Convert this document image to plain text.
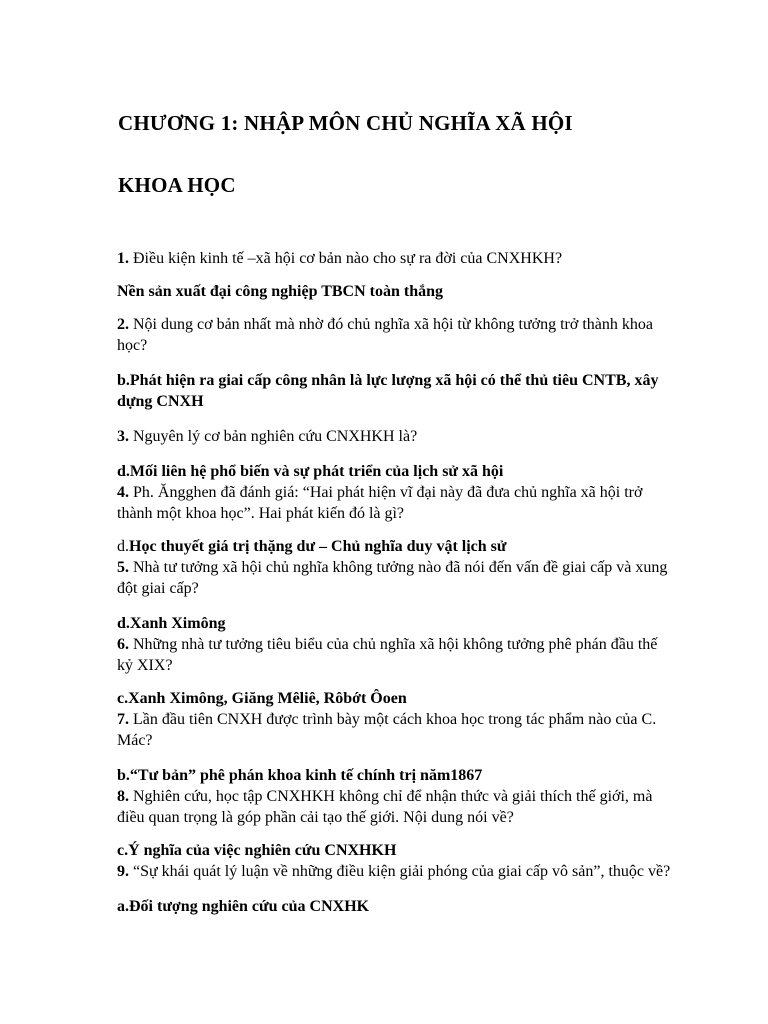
CHƯƠNG 1: NHẬP MÔN CHỦ NGHĨA XÃ HỘI
KHOA HỌC

1. Điều kiện kinh tế –xã hội cơ bản nào cho sự ra đời của CNXHKH?

Nền sản xuất đại công nghiệp TBCN toàn thắng

2. Nội dung cơ bản nhất mà nhờ đó chủ nghĩa xã hội từ không tưởng trở thành khoa học?

b.Phát hiện ra giai cấp công nhân là lực lượng xã hội có thể thủ tiêu CNTB, xây dựng CNXH

3. Nguyên lý cơ bản nghiên cứu CNXHKH là?

d.Mối liên hệ phổ biến và sự phát triển của lịch sử xã hội

4. Ph. Ăngghen đã đánh giá: “Hai phát hiện vĩ đại này đã đưa chủ nghĩa xã hội trở thành một khoa học”. Hai phát kiến đó là gì?

d.Học thuyết giá trị thặng dư – Chủ nghĩa duy vật lịch sử

5. Nhà tư tưởng xã hội chủ nghĩa không tưởng nào đã nói đến vấn đề giai cấp và xung đột giai cấp?

d.Xanh Ximông

6. Những nhà tư tưởng tiêu biểu của chủ nghĩa xã hội không tưởng phê phán đầu thế kỷ XIX?

c.Xanh Ximông, Giăng Mêliê, Rôbớt Ôoen

7. Lần đầu tiên CNXH được trình bày một cách khoa học trong tác phẩm nào của C. Mác?

b.“Tư bản” phê phán khoa kinh tế chính trị năm1867

8. Nghiên cứu, học tập CNXHKH không chỉ để nhận thức và giải thích thế giới, mà điều quan trọng là góp phần cải tạo thế giới. Nội dung nói về?

c.Ý nghĩa của việc nghiên cứu CNXHKH

9. “Sự khái quát lý luận về những điều kiện giải phóng của giai cấp vô sản”, thuộc về?

a.Đối tượng nghiên cứu của CNXHK
